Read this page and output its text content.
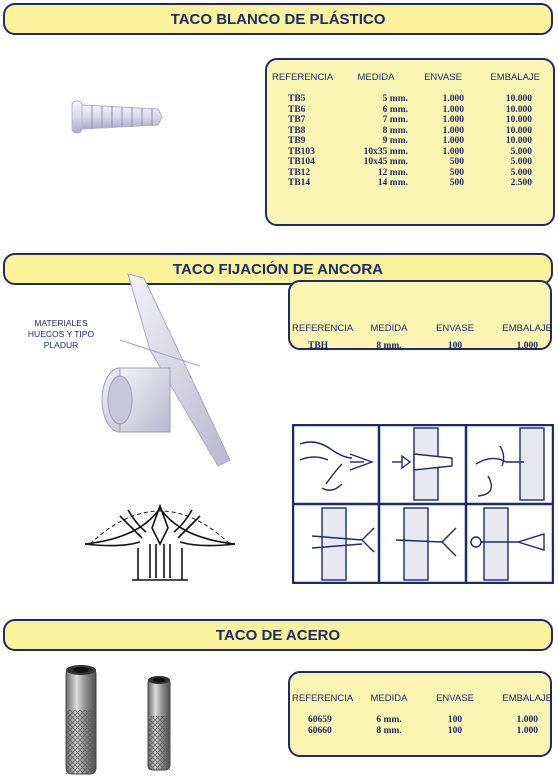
TACO BLANCO DE PLÁSTICO
REFERENCIA	MEDIDA	ENVASE	EMBALAJE

TB5	5 mm.	1.000	10.000
TB6	6 mm.	1.000	10.000
TB7	7 mm.	1.000	10.000
TB8	8 mm.	1.000	10.000
TB9	9 mm.	1.000	10.000
TB103	10x35 mm.	1.000	5.000
TB104	10x45 mm.	500	5.000
TB12	12 mm.	500	5.000
TB14	14 mm.	500	2.500
TACO FIJACIÓN DE ANCORA
MATERIALES
HUECOS Y TIPO
PLADUR
REFERENCIA	MEDIDA	ENVASE	EMBALAJE

TBH	8 mm.	100	1.000
TACO DE ACERO
REFERENCIA	MEDIDA	ENVASE	EMBALAJE

60659	6 mm.	100	1.000
60660	8 mm.	100	1.000
